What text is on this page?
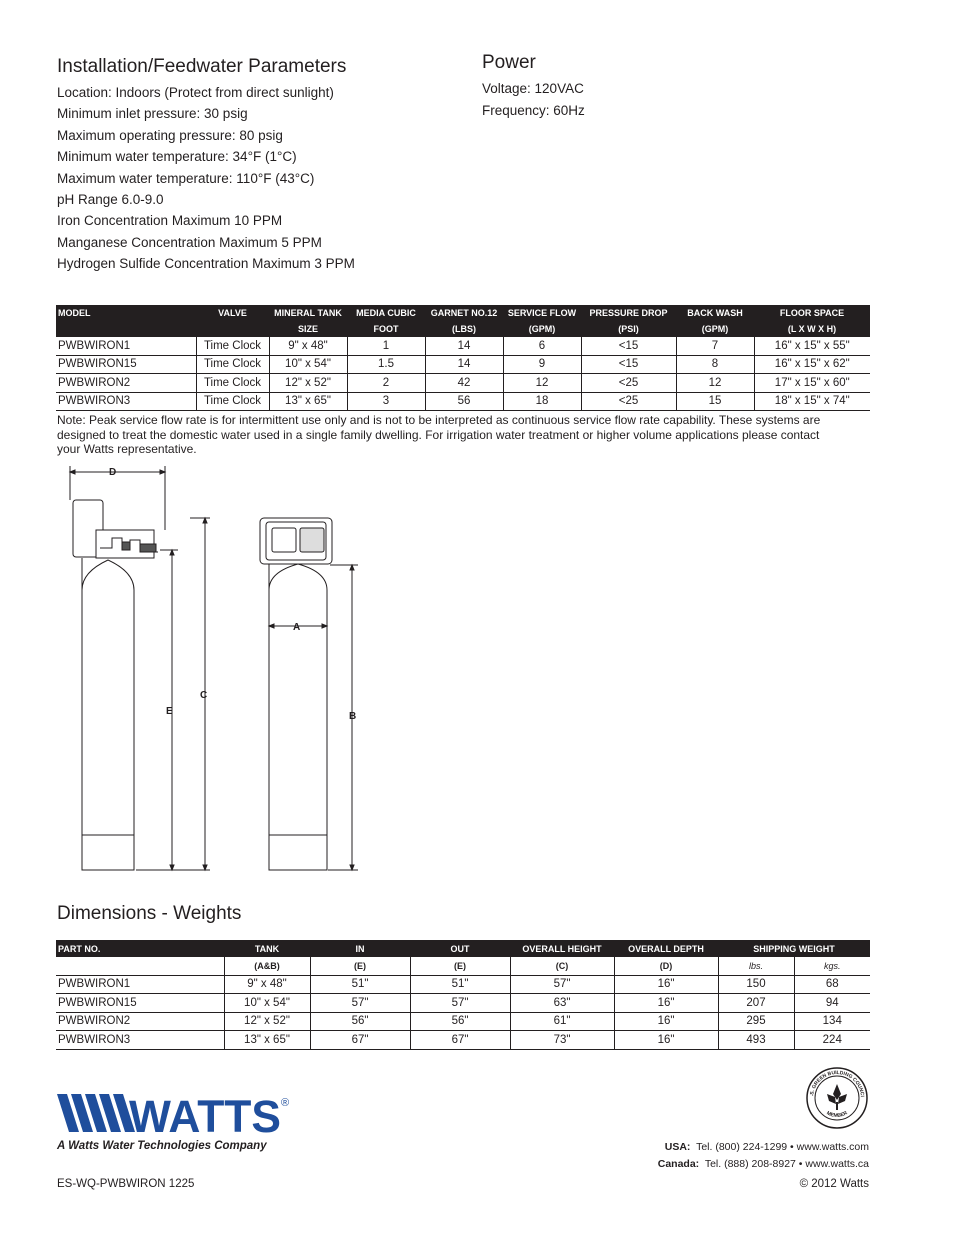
Installation/Feedwater Parameters
Location: Indoors (Protect from direct sunlight)
Minimum inlet pressure: 30 psig
Maximum operating pressure: 80 psig
Minimum water temperature: 34°F (1°C)
Maximum water temperature: 110°F (43°C)
pH Range 6.0-9.0
Iron Concentration Maximum 10 PPM
Manganese Concentration Maximum 5 PPM
Hydrogen Sulfide Concentration Maximum 3 PPM
Power
Voltage: 120VAC
Frequency: 60Hz
MODEL	VALVE	MINERAL TANK	MEDIA CUBIC	GARNET NO.12	SERVICE FLOW	PRESSURE DROP	BACK WASH	FLOOR SPACE
		SIZE	FOOT	(LBS)	(GPM)	(PSI)	(GPM)	(L X W X H)
PWBWIRON1	Time Clock	9" x 48"	1	14	6	<15	7	16" x 15" x 55"
PWBWIRON15	Time Clock	10" x 54"	1.5	14	9	<15	8	16" x 15" x 62"
PWBWIRON2	Time Clock	12" x 52"	2	42	12	<25	12	17" x 15" x 60"
PWBWIRON3	Time Clock	13" x 65"	3	56	18	<25	15	18" x 15" x 74"
Note: Peak service flow rate is for intermittent use only and is not to be interpreted as continuous service flow rate capability. These systems are designed to treat the domestic water used in a single family dwelling. For irrigation water treatment or higher volume applications please contact your Watts representative.
D
C
E
A
B
Dimensions - Weights
PART NO.	TANK	IN	OUT	OVERALL HEIGHT	OVERALL DEPTH	SHIPPING WEIGHT	
	(A&B)	(E)	(E)	(C)	(D)	lbs.	kgs.
PWBWIRON1	9" x 48"	51"	51"	57"	16"	150	68
PWBWIRON15	10" x 54"	57"	57"	63"	16"	207	94
PWBWIRON2	12" x 52"	56"	56"	61"	16"	295	134
PWBWIRON3	13" x 65"	67"	67"	73"	16"	493	224
WATTS ®
A Watts Water Technologies Company
.S. GREEN BUILDING COUNCI
MEMBER
USA: Tel. (800) 224-1299 • www.watts.com
Canada: Tel. (888) 208-8927 • www.watts.ca
ES-WQ-PWBWIRON 1225	© 2012 Watts
